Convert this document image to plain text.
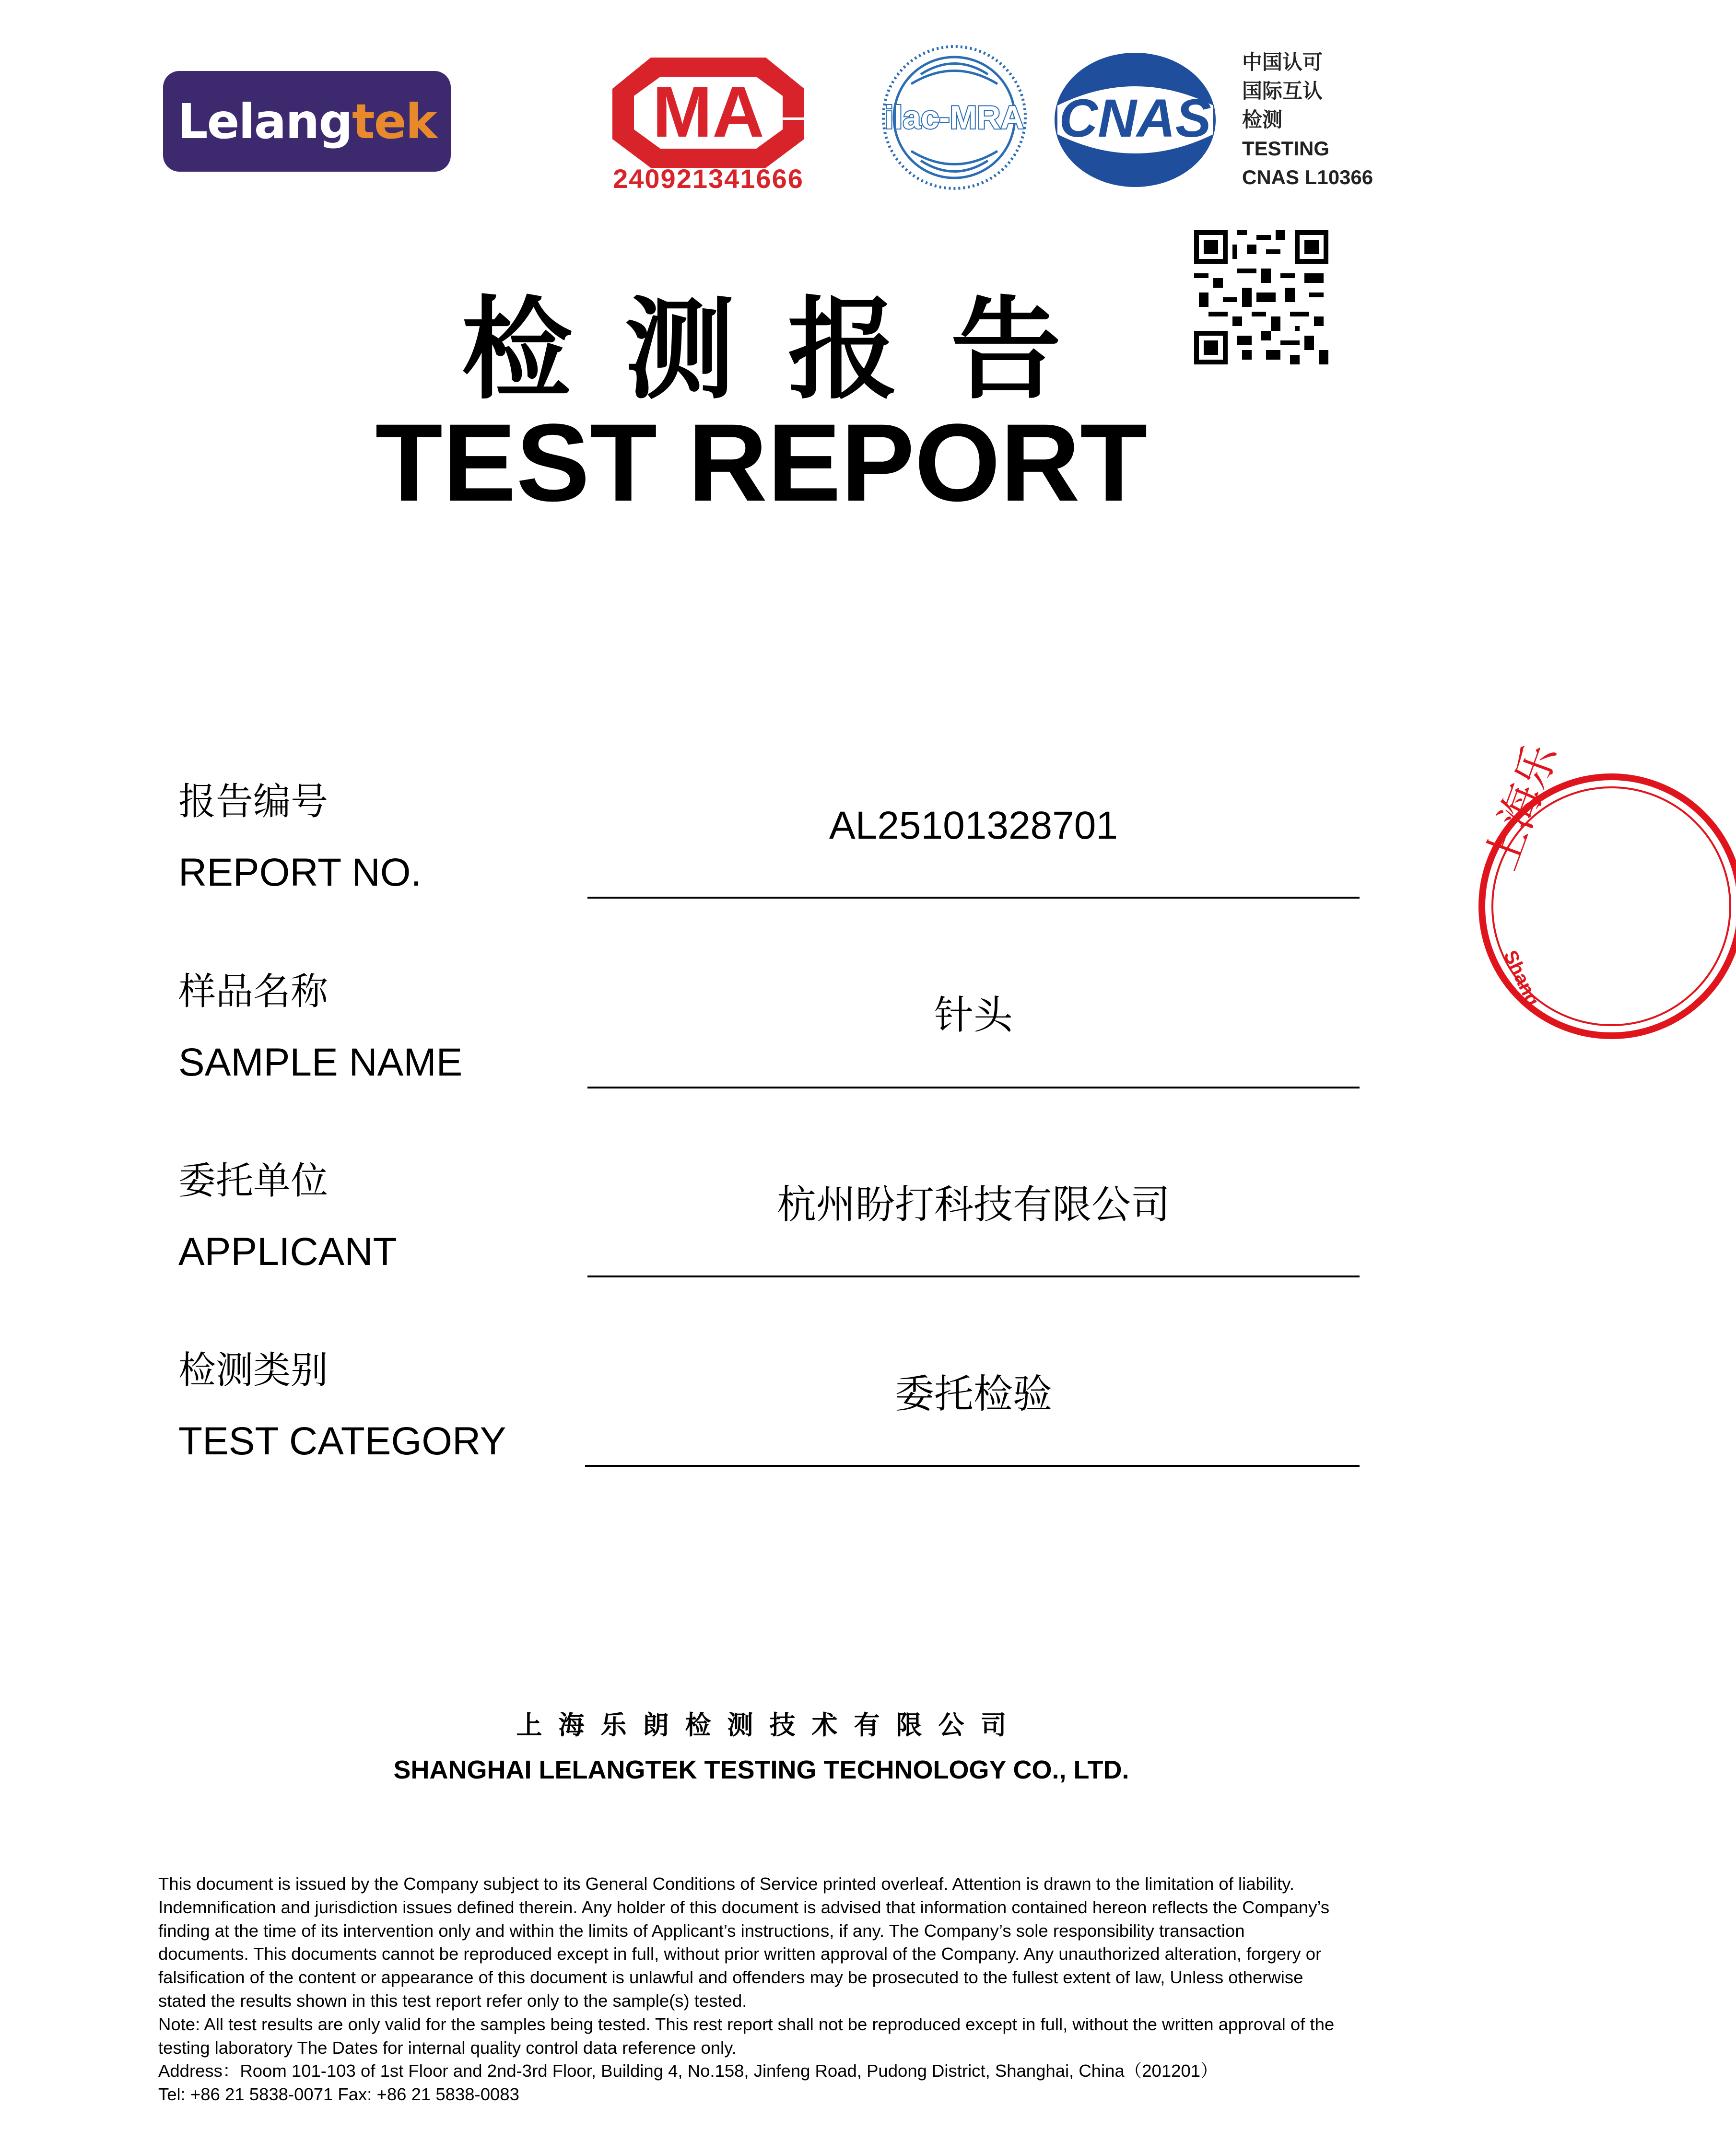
Lelang tek	MA
240921341666
ilac-MRA CNAS
中国认可
国际互认
检测
TESTING
CNAS L10366
检测报告
TEST REPORT
报告编号
REPORT NO.
AL25101328701
样品名称
SAMPLE NAME
针头
委托单位
APPLICANT
杭州盼打科技有限公司
检测类别
TEST CATEGORY
委托检验
上海乐朗检测技术有限公司
SHANGHAI LELANGTEK TESTING TECHNOLOGY CO., LTD.

This document is issued by the Company subject to its General Conditions of Service printed overleaf. Attention is drawn to the limitation of liability.

Indemnification and jurisdiction issues defined therein. Any holder of this document is advised that information contained hereon reflects the Company’s

finding at the time of its intervention only and within the limits of Applicant’s instructions, if any. The Company’s sole responsibility transaction

documents. This documents cannot be reproduced except in full, without prior written approval of the Company. Any unauthorized alteration, forgery or

falsification of the content or appearance of this document is unlawful and offenders may be prosecuted to the fullest extent of law, Unless otherwise

stated the results shown in this test report refer only to the sample(s) tested.

Note: All test results are only valid for the samples being tested. This rest report shall not be reproduced except in full, without the written approval of the

testing laboratory The Dates for internal quality control data reference only.

Address：Room 101-103 of 1st Floor and 2nd-3rd Floor, Building 4, No.158, Jinfeng Road, Pudong District, Shanghai, China（201201）

Tel: +86 21 5838-0071 Fax: +86 21 5838-0083

上海乐
Shang
